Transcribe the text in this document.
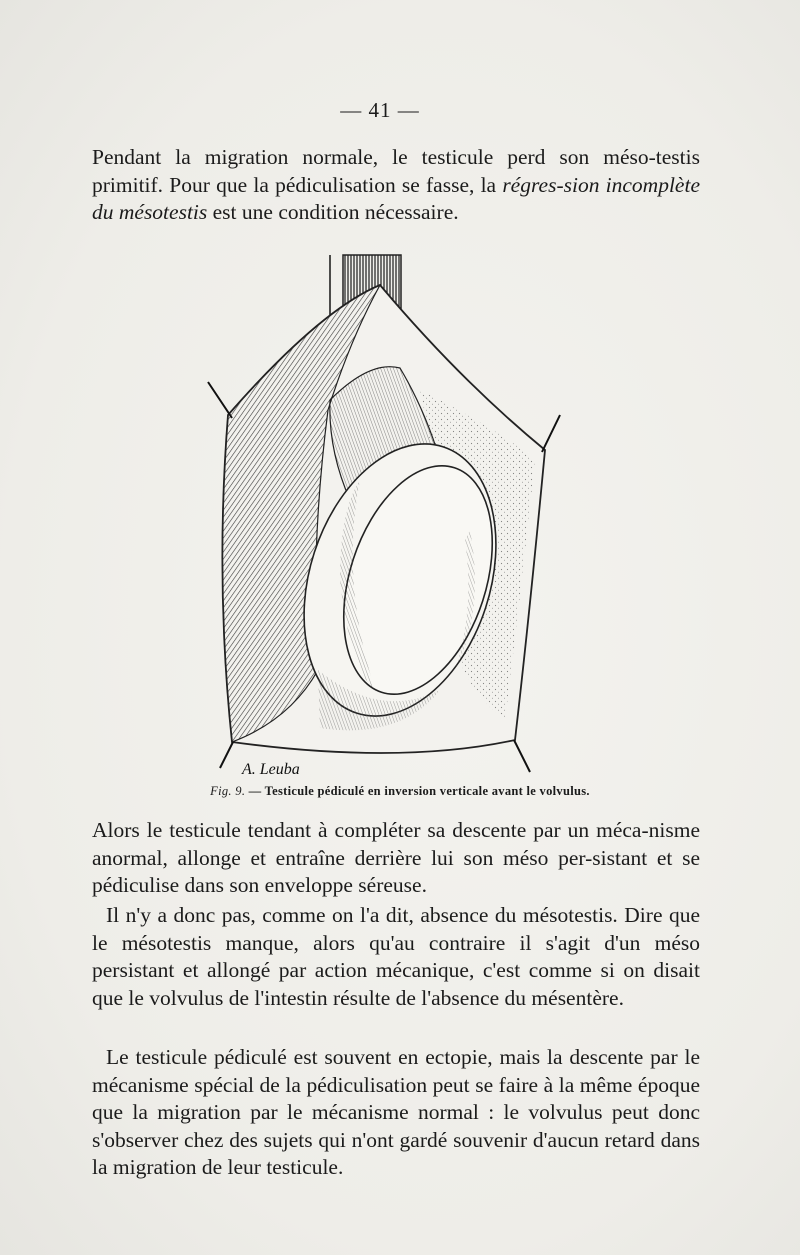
— 41 —

Pendant la migration normale, le testicule perd son méso-testis primitif. Pour que la pédiculisation se fasse, la régres-sion incomplète du mésotestis est une condition nécessaire.

A. Leuba
Fig. 9. — Testicule pédiculé en inversion verticale avant le volvulus.

Alors le testicule tendant à compléter sa descente par un méca-nisme anormal, allonge et entraîne derrière lui son méso per-sistant et se pédiculise dans son enveloppe séreuse.

Il n'y a donc pas, comme on l'a dit, absence du mésotestis. Dire que le mésotestis manque, alors qu'au contraire il s'agit d'un méso persistant et allongé par action mécanique, c'est comme si on disait que le volvulus de l'intestin résulte de l'absence du mésentère.

Le testicule pédiculé est souvent en ectopie, mais la descente par le mécanisme spécial de la pédiculisation peut se faire à la même époque que la migration par le mécanisme normal : le volvulus peut donc s'observer chez des sujets qui n'ont gardé souvenir d'aucun retard dans la migration de leur testicule.
